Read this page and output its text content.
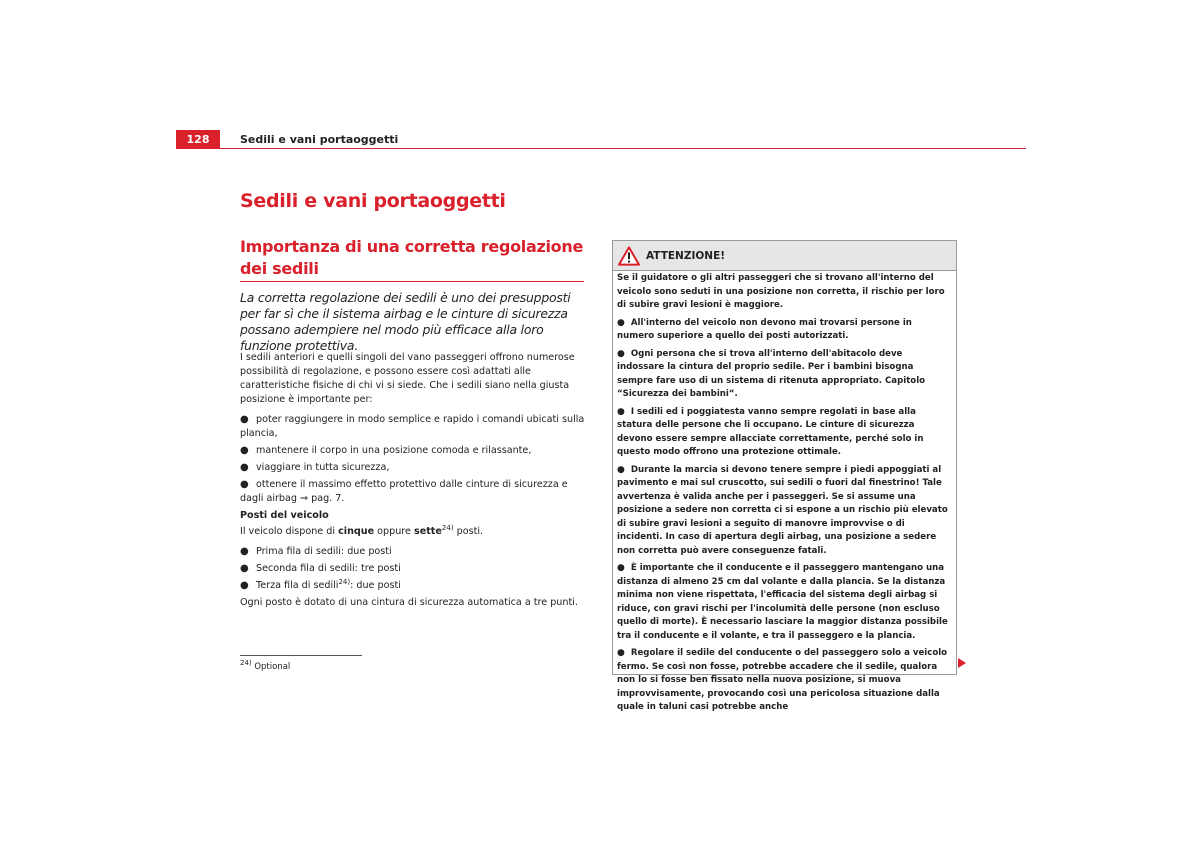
128	Sedili e vani portaoggetti
Sedili e vani portaoggetti
Importanza di una corretta regolazione dei sedili
La corretta regolazione dei sedili è uno dei presupposti per far sì che il sistema airbag e le cinture di sicurezza possano adempiere nel modo più efficace alla loro funzione protettiva.

I sedili anteriori e quelli singoli del vano passeggeri offrono numerose possibilità di regolazione, e possono essere così adattati alle caratteristiche fisiche di chi vi si siede. Che i sedili siano nella giusta posizione è importante per:

● poter raggiungere in modo semplice e rapido i comandi ubicati sulla plancia,
● mantenere il corpo in una posizione comoda e rilassante,
● viaggiare in tutta sicurezza,
● ottenere il massimo effetto protettivo dalle cinture di sicurezza e dagli airbag ⇒ pag. 7.

Posti del veicolo

Il veicolo dispone di cinque oppure sette$^{24)}$ posti.

● Prima fila di sedili: due posti
● Seconda fila di sedili: tre posti
● Terza fila di sedili$^{24)}$: due posti

Ogni posto è dotato di una cintura di sicurezza automatica a tre punti.

$^{24)}$ Optional
ATTENZIONE!

Se il guidatore o gli altri passeggeri che si trovano all'interno del veicolo sono seduti in una posizione non corretta, il rischio per loro di subire gravi lesioni è maggiore.

● All'interno del veicolo non devono mai trovarsi persone in numero superiore a quello dei posti autorizzati.

● Ogni persona che si trova all'interno dell'abitacolo deve indossare la cintura del proprio sedile. Per i bambini bisogna sempre fare uso di un sistema di ritenuta appropriato. Capitolo “Sicurezza dei bambini“.

● I sedili ed i poggiatesta vanno sempre regolati in base alla statura delle persone che li occupano. Le cinture di sicurezza devono essere sempre allacciate correttamente, perché solo in questo modo offrono una protezione ottimale.

● Durante la marcia si devono tenere sempre i piedi appoggiati al pavimento e mai sul cruscotto, sui sedili o fuori dal finestrino! Tale avvertenza è valida anche per i passeggeri. Se si assume una posizione a sedere non corretta ci si espone a un rischio più elevato di subire gravi lesioni a seguito di manovre improvvise o di incidenti. In caso di apertura degli airbag, una posizione a sedere non corretta può avere conseguenze fatali.

● È importante che il conducente e il passeggero mantengano una distanza di almeno 25 cm dal volante e dalla plancia. Se la distanza minima non viene rispettata, l'efficacia del sistema degli airbag si riduce, con gravi rischi per l'incolumità delle persone (non escluso quello di morte). È necessario lasciare la maggior distanza possibile tra il conducente e il volante, e tra il passeggero e la plancia.

● Regolare il sedile del conducente o del passeggero solo a veicolo fermo. Se così non fosse, potrebbe accadere che il sedile, qualora non lo si fosse ben fissato nella nuova posizione, si muova improvvisamente, provocando così una pericolosa situazione dalla quale in taluni casi potrebbe anche
